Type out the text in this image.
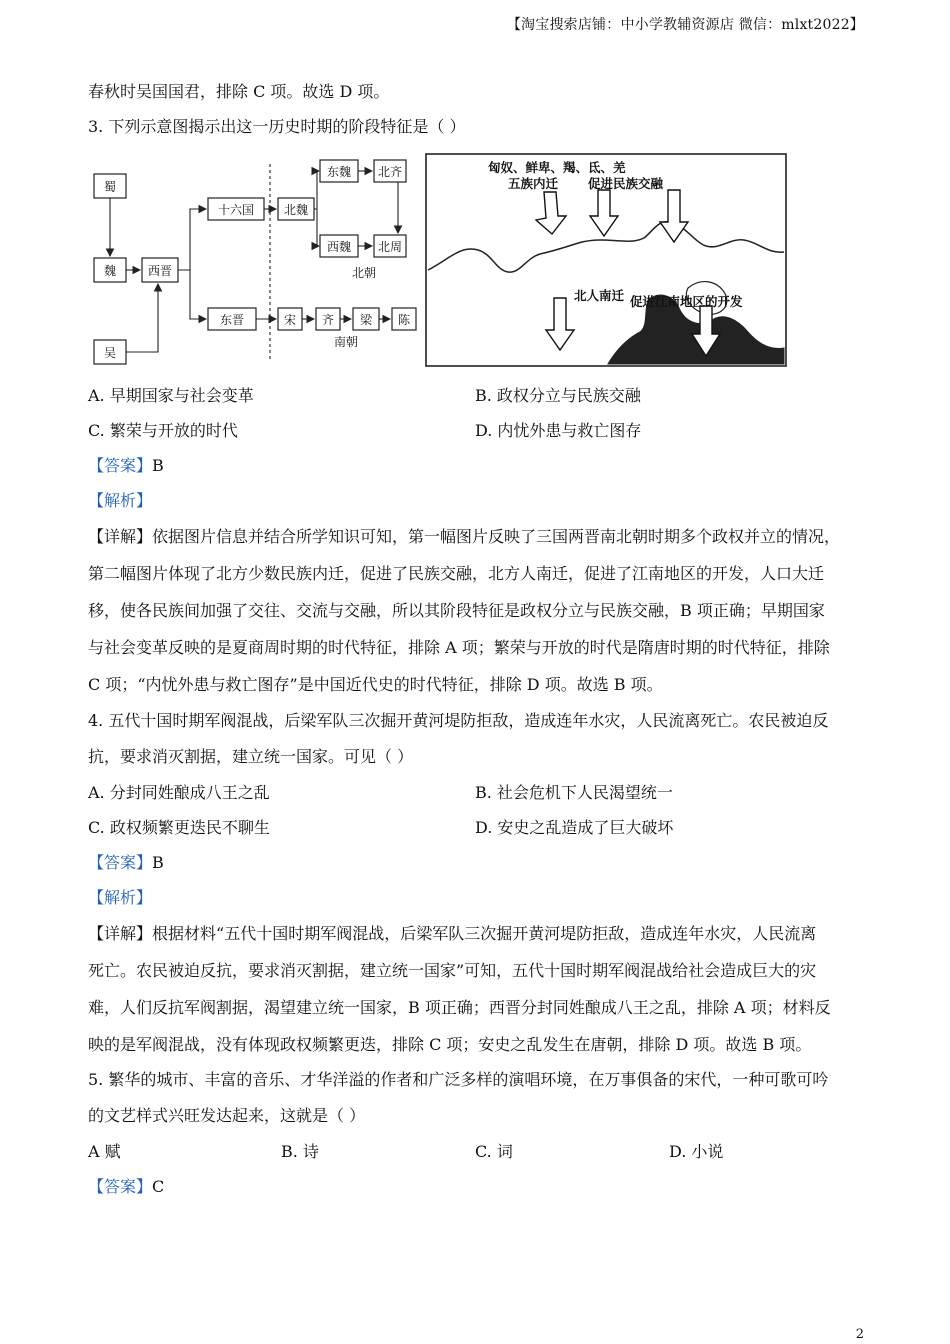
【淘宝搜索店铺：中小学教辅资源店 微信：mlxt2022】
春秋时吴国国君，排除 C 项。故选 D 项。
3. 下列示意图揭示出这一历史时期的阶段特征是（ ）
蜀
魏
吴
西晋
十六国
东晋
北魏
东魏
西魏
北齐
北周
北朝
宋 齐 梁 陈
南朝
匈奴、鲜卑、羯、氐、羌
五族内迁 促进民族交融
北人南迁 促进江南地区的开发
A. 早期国家与社会变革	B. 政权分立与民族交融
C. 繁荣与开放的时代	D. 内忧外患与救亡图存
【答案】B
【解析】
【详解】依据图片信息并结合所学知识可知，第一幅图片反映了三国两晋南北朝时期多个政权并立的情况，
第二幅图片体现了北方少数民族内迁，促进了民族交融，北方人南迁，促进了江南地区的开发，人口大迁
移，使各民族间加强了交往、交流与交融，所以其阶段特征是政权分立与民族交融，B 项正确；早期国家
与社会变革反映的是夏商周时期的时代特征，排除 A 项；繁荣与开放的时代是隋唐时期的时代特征，排除
C 项；“内忧外患与救亡图存”是中国近代史的时代特征，排除 D 项。故选 B 项。
4. 五代十国时期军阀混战，后梁军队三次掘开黄河堤防拒敌，造成连年水灾，人民流离死亡。农民被迫反
抗，要求消灭割据，建立统一国家。可见（ ）
A. 分封同姓酿成八王之乱	B. 社会危机下人民渴望统一
C. 政权频繁更迭民不聊生	D. 安史之乱造成了巨大破坏
【答案】B
【解析】
【详解】根据材料“五代十国时期军阀混战，后梁军队三次掘开黄河堤防拒敌，造成连年水灾，人民流离
死亡。农民被迫反抗，要求消灭割据，建立统一国家”可知，五代十国时期军阀混战给社会造成巨大的灾
难，人们反抗军阀割据，渴望建立统一国家，B 项正确；西晋分封同姓酿成八王之乱，排除 A 项；材料反
映的是军阀混战，没有体现政权频繁更迭，排除 C 项；安史之乱发生在唐朝，排除 D 项。故选 B 项。
5. 繁华的城市、丰富的音乐、才华洋溢的作者和广泛多样的演唱环境，在万事俱备的宋代，一种可歌可吟
的文艺样式兴旺发达起来，这就是（ ）
A 赋	B. 诗	C. 词	D. 小说
【答案】C
2
